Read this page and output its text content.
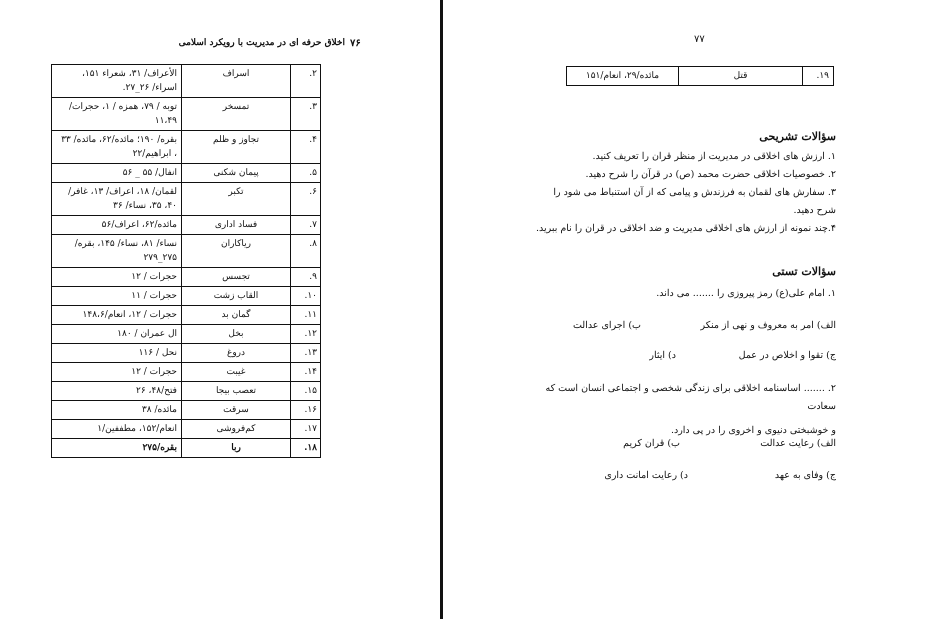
۷۶
اخلاق حرفه ای در مدیریت با رویکرد اسلامی
۲.	اسراف	الأعراف/ ۳۱، شعراء ۱۵۱، اسراء/ ۲۶_۲۷.
۳.	تمسخر	توبه / ۷۹، همزه / ۱، حجرات/ ۱۱،۴۹
۴.	تجاوز و ظلم	بقره/ ۱۹۰؛ مائده/۶۲، مائده/ ۳۳ ، ابراهیم/۲۲
۵.	پیمان شکنی	انفال/ ۵۵ _ ۵۶
۶.	تکبر	لقمان/ ۱۸، اعراف/ ۱۳، غافر/۴۰، ۳۵، نساء/ ۳۶
۷.	فساد اداری	مائده/۶۲، اعراف/۵۶
۸.	ریاکاران	نساء/ ۸۱، نساء/ ۱۴۵، بقره/ ۲۷۵_۲۷۹
۹.	تجسس	حجرات / ۱۲
۱۰.	القاب زشت	حجرات / ۱۱
۱۱.	گمان بد	حجرات / ۱۲، انعام/۱۴۸،۶
۱۲.	بخل	ال عمران / ۱۸۰
۱۳.	دروغ	نحل / ۱۱۶
۱۴.	غیبت	حجرات / ۱۲
۱۵.	تعصب بیجا	فتح/۴۸، ۲۶
۱۶.	سرقت	مائده/ ۳۸
۱۷.	کم‌فروشی	انعام/۱۵۲، مطففین/۱
۱۸.	ربا	بقره/۲۷۵
۷۷
۱۹.	قتل	مائده/۲۹، انعام/۱۵۱
سؤالات تشریحی
۱. ارزش های اخلاقی در مدیریت از منظر قران را تعریف کنید.
۲. خصوصیات اخلاقی حضرت محمد (ص) در قرآن را شرح دهید.
۳. سفارش های لقمان به فرزندش و پیامی که از آن استنباط می شود را شرح دهید.
۴.چند نمونه از ارزش های اخلاقی مدیریت و ضد اخلاقی در قران را نام ببرید.
سؤالات تستی
۱. امام علی(ع) رمز پیروزی را ....... می داند.
الف) امر به معروف و نهی از منکر
ب) اجرای عدالت
ج) تقوا و اخلاص در عمل
د) ایثار
۲. ....... اساسنامه اخلاقی برای زندگی شخصی و اجتماعی انسان است که سعادت
و خوشبختی دنیوی و اخروی را در پی دارد.
الف) رعایت عدالت
ب) قران کریم
ج) وفای به عهد
د) رعایت امانت داری
